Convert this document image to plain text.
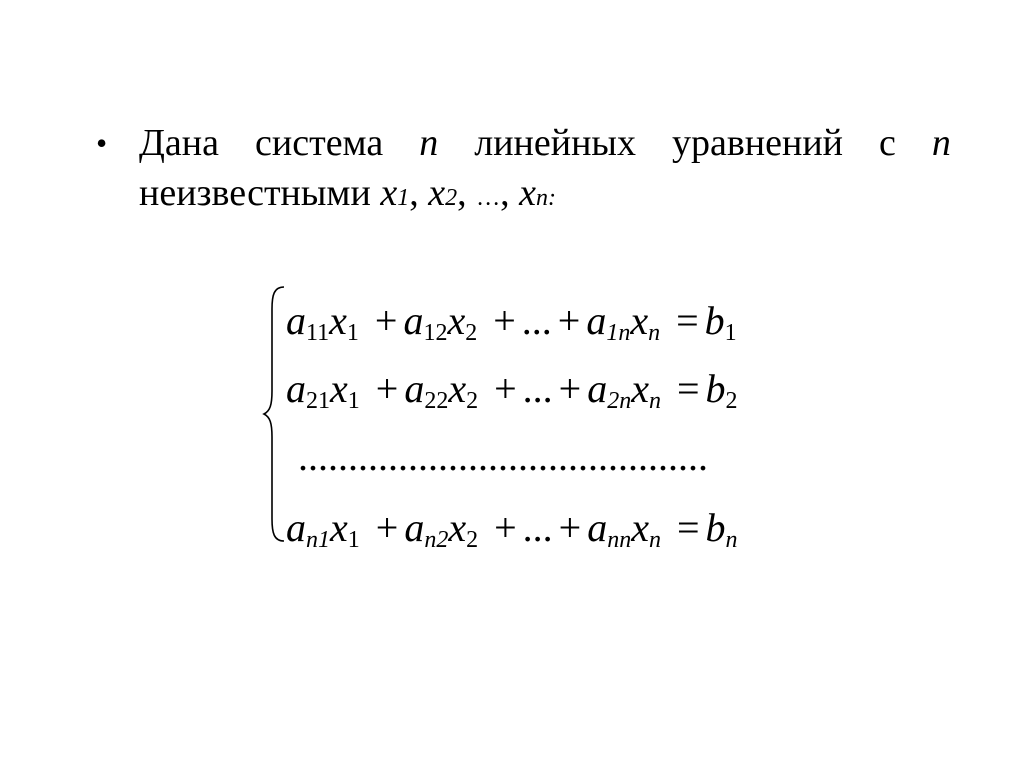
• Дана система n линейных уравнений с n
неизвестными x1, x2, …, xn:
$a_{11}x_1 + a_{12}x_2$ + ... + $a_{1n}x_n = b_1$
$a_{21}x_1 + a_{22}x_2$ + ... + $a_{2n}x_n = b_2$
.........................................
$a_{n1}x_1 + a_{n2}x_2$ + ... + $a_{nn}x_n = b_n$
